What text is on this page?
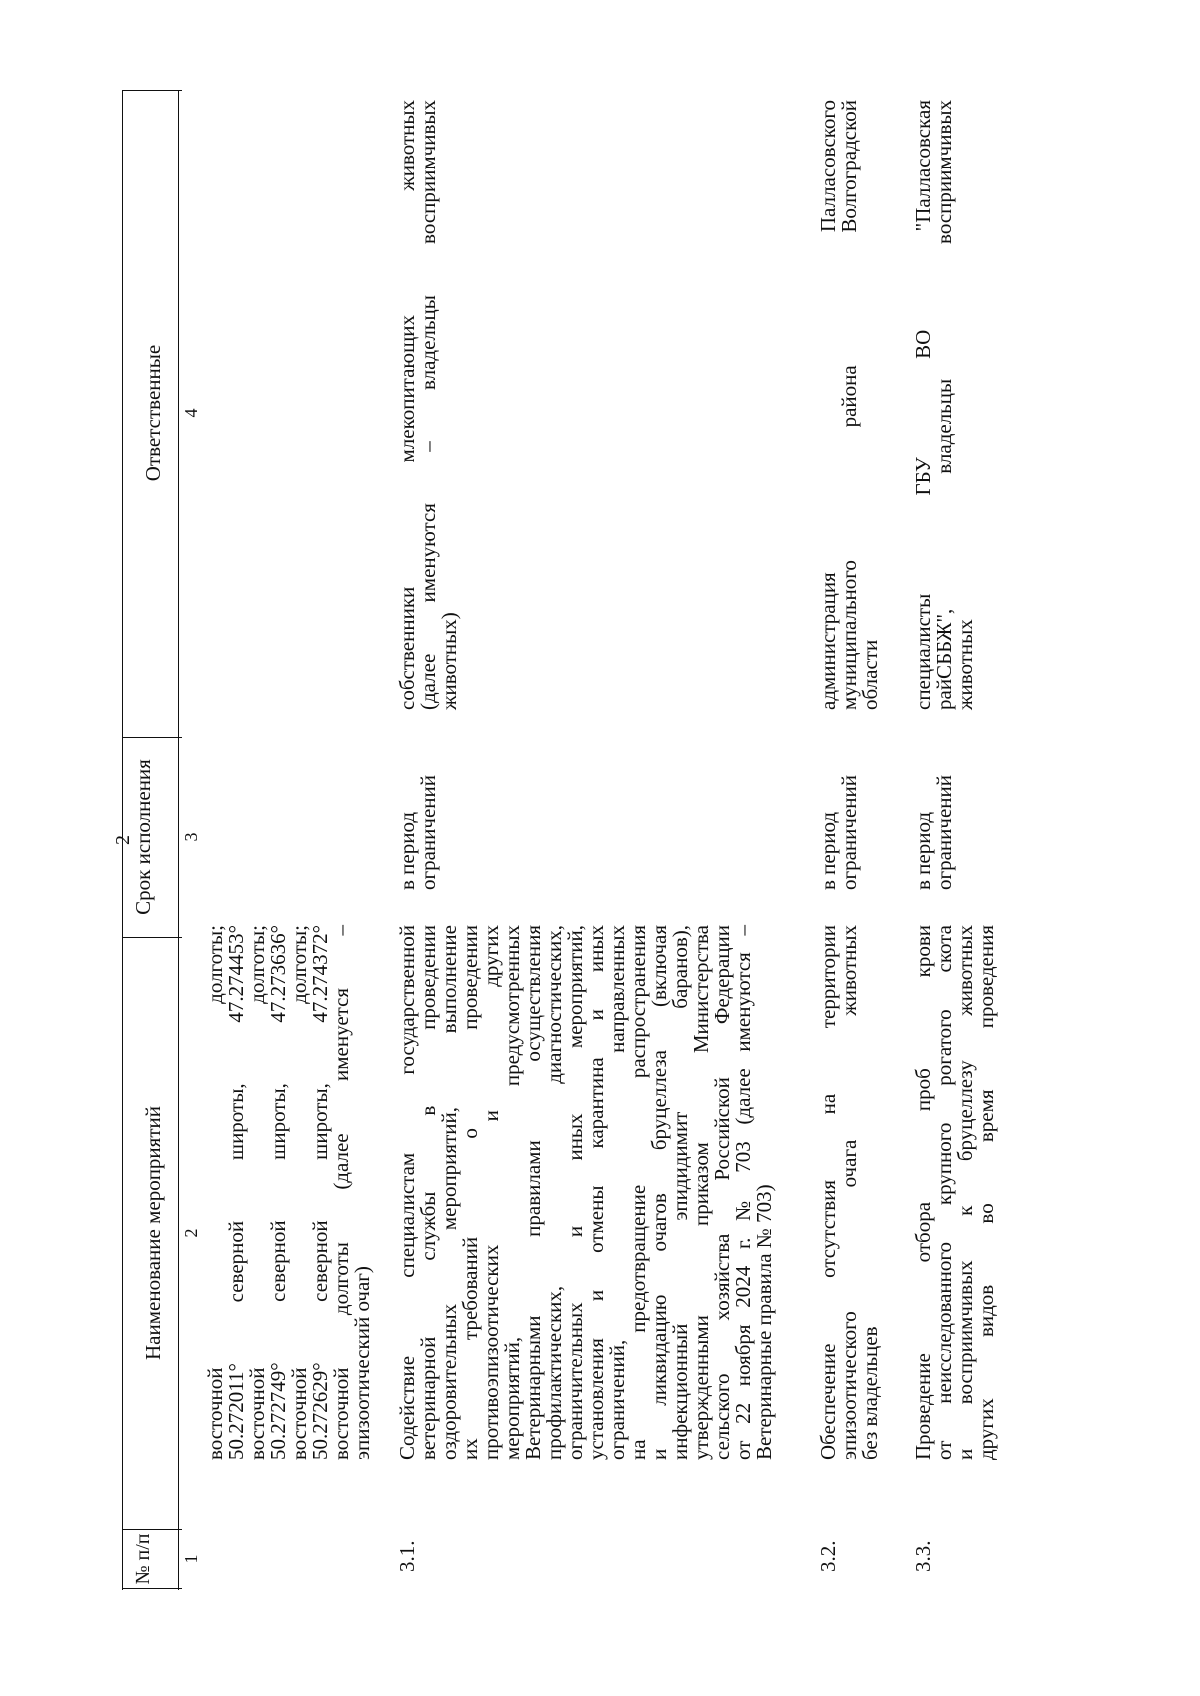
2
№ п/п
Наименование мероприятий
Срок исполнения
Ответственные
1
2
3
4
восточной долготы;
50.272011° северной широты, 47.274453°
восточной долготы;
50.272749° северной широты, 47.273636°
восточной долготы;
50.272629° северной широты, 47.274372°
восточной долготы (далее именуется –
эпизоотический очаг)
3.1.
Содействие специалистам государственной
ветеринарной службы в проведении
оздоровительных мероприятий, выполнение
их требований о проведении
противоэпизоотических и других
мероприятий, предусмотренных
Ветеринарными правилами осуществления
профилактических, диагностических,
ограничительных и иных мероприятий,
установления и отмены карантина и иных
ограничений, направленных
на предотвращение распространения
и ликвидацию очагов бруцеллеза (включая
инфекционный эпидидимит баранов),
утвержденными приказом Министерства
сельского хозяйства Российской Федерации
от 22 ноября 2024 г. № 703 (далее именуются –
Ветеринарные правила № 703)
в период
ограничений
собственники млекопитающих животных
(далее именуются – владельцы восприимчивых
животных)
3.2.
Обеспечение отсутствия на территории
эпизоотического очага животных
без владельцев
в период
ограничений
администрация Палласовского
муниципального района Волгоградской
области
3.3.
Проведение отбора проб крови
от неисследованного крупного рогатого скота
и восприимчивых к бруцеллезу животных
других видов во время проведения
в период
ограничений
специалисты ГБУ ВО "Палласовская
райСББЖ", владельцы восприимчивых
животных
